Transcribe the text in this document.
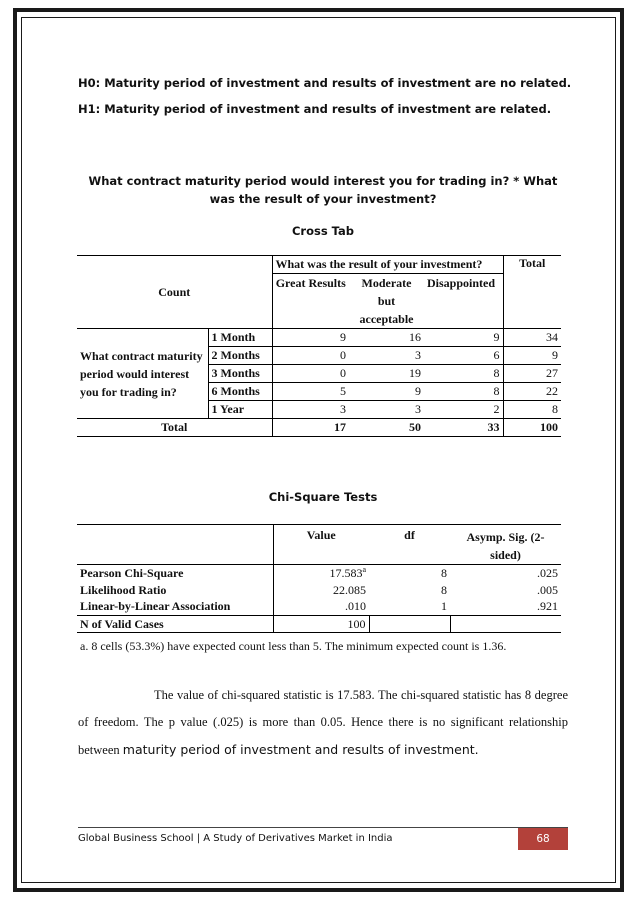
H0: Maturity period of investment and results of investment are no related.
H1: Maturity period of investment and results of investment are related.
What contract maturity period would interest you for trading in? * What
was the result of your investment?
Cross Tab
Count		What was the result of your investment?			Total
		Great Results	Moderate but acceptable	Disappointed	
What contract maturity period would interest you for trading in?	1 Month	9	16	9	34
	2 Months	0	3	6	9
	3 Months	0	19	8	27
	6 Months	5	9	8	22
	1 Year	3	3	2	8
Total		17	50	33	100
Chi-Square Tests
	Value	df	Asymp. Sig. (2-sided)
Pearson Chi-Square	17.583$^a$	8	.025
Likelihood Ratio	22.085	8	.005
Linear-by-Linear Association	.010	1	.921
N of Valid Cases	100		
a. 8 cells (53.3%) have expected count less than 5. The minimum expected count is 1.36.
The value of chi-squared statistic is 17.583. The chi-squared statistic has 8 degree of freedom. The p value (.025) is more than 0.05. Hence there is no significant relationship between maturity period of investment and results of investment.
Global Business School | A Study of Derivatives Market in India	68
